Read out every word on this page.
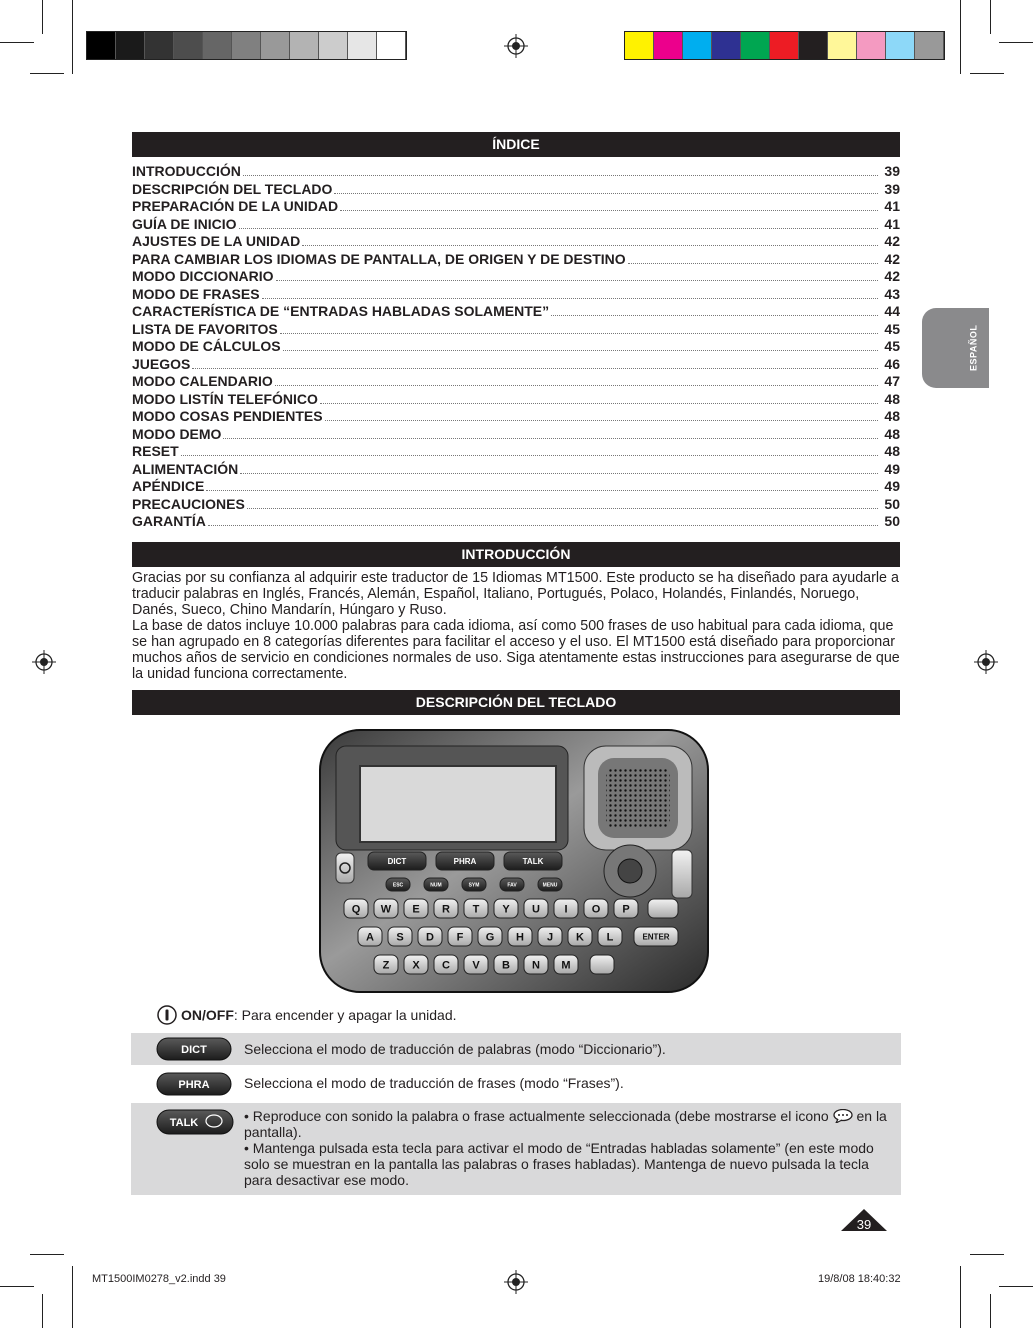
ESPAÑOL
ÍNDICE
INTRODUCCIÓN	39
DESCRIPCIÓN DEL TECLADO	39
PREPARACIÓN DE LA UNIDAD	41
GUÍA DE INICIO	41
AJUSTES DE LA UNIDAD	42
PARA CAMBIAR LOS IDIOMAS DE PANTALLA, DE ORIGEN Y DE DESTINO	42
MODO DICCIONARIO	42
MODO DE FRASES	43
CARACTERÍSTICA DE “ENTRADAS HABLADAS SOLAMENTE”	44
LISTA DE FAVORITOS	45
MODO DE CÁLCULOS	45
JUEGOS	46
MODO CALENDARIO	47
MODO LISTÍN TELEFÓNICO	48
MODO COSAS PENDIENTES	48
MODO DEMO	48
RESET	48
ALIMENTACIÓN	49
APÉNDICE	49
PRECAUCIONES	50
GARANTÍA	50
INTRODUCCIÓN

Gracias por su confianza al adquirir este traductor de 15 Idiomas MT1500. Este producto se ha diseñado para ayudarle a traducir palabras en Inglés, Francés, Alemán, Español, Italiano, Portugués, Polaco, Holandés, Finlandés, Noruego, Danés, Sueco, Chino Mandarín, Húngaro y Ruso.

La base de datos incluye 10.000 palabras para cada idioma, así como 500 frases de uso habitual para cada idioma, que se han agrupado en 8 categorías diferentes para facilitar el acceso y el uso. El MT1500 está diseñado para proporcionar muchos años de servicio en condiciones normales de uso. Siga atentamente estas instrucciones para asegurarse de que la unidad funciona correctamente.

DESCRIPCIÓN DEL TECLADO
DICT	PHRA	TALK
ESC	NUM	SYM	FAV	MENU
Q W E R T Y U I O P
A S D F G H J K L	ENTER
Z X C V B N M
ON/OFF : Para encender y apagar la unidad.
DICT	Selecciona el modo de traducción de palabras (modo “Diccionario”).
PHRA Selecciona el modo de traducción de frases (modo “Frases”).
TALK	• Reproduce con sonido la palabra o frase actualmente seleccionada (debe mostrarse el icono en la pantalla).
• Mantenga pulsada esta tecla para activar el modo de “Entradas habladas solamente” (en este modo solo se muestran en la pantalla las palabras o frases habladas). Mantenga de nuevo pulsada la tecla para desactivar ese modo.
39
MT1500IM0278_v2.indd 39	19/8/08 18:40:32
